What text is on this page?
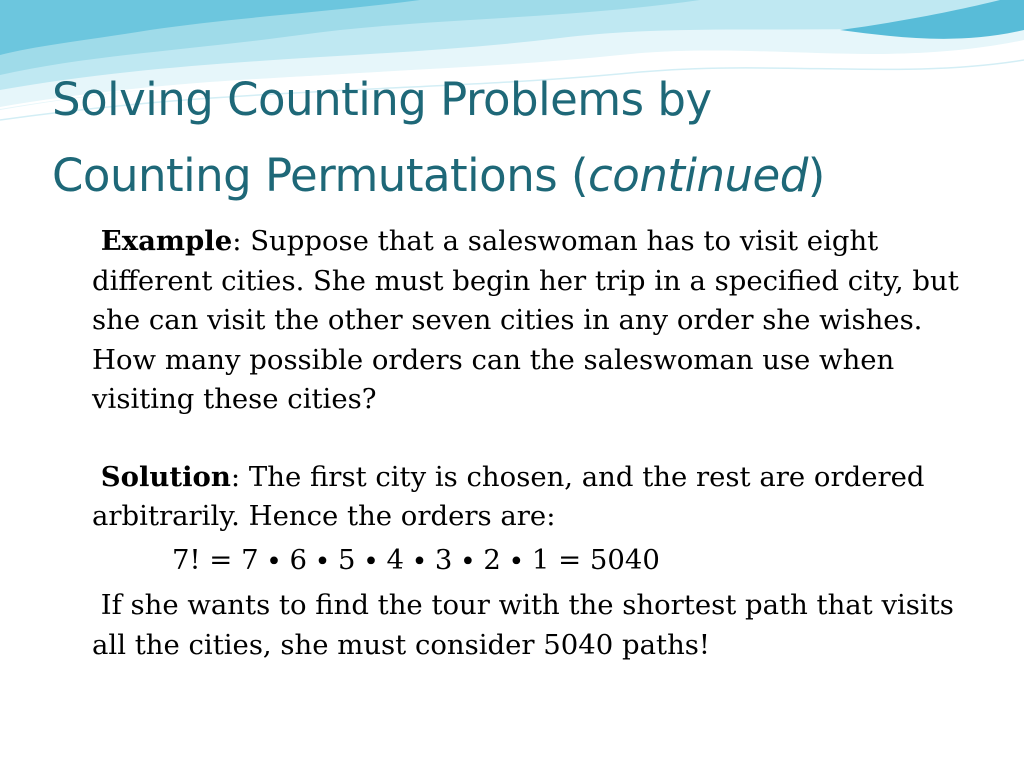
Solving Counting Problems by
Counting Permutations (continued)

Example: Suppose that a saleswoman has to visit eight different cities. She must begin her trip in a specified city, but she can visit the other seven cities in any order she wishes. How many possible orders can the saleswoman use when visiting these cities?

Solution: The first city is chosen, and the rest are ordered arbitrarily. Hence the orders are:

7! = 7 ∙ 6 ∙ 5 ∙ 4 ∙ 3 ∙ 2 ∙ 1 = 5040

If she wants to find the tour with the shortest path that visits all the cities, she must consider 5040 paths!
